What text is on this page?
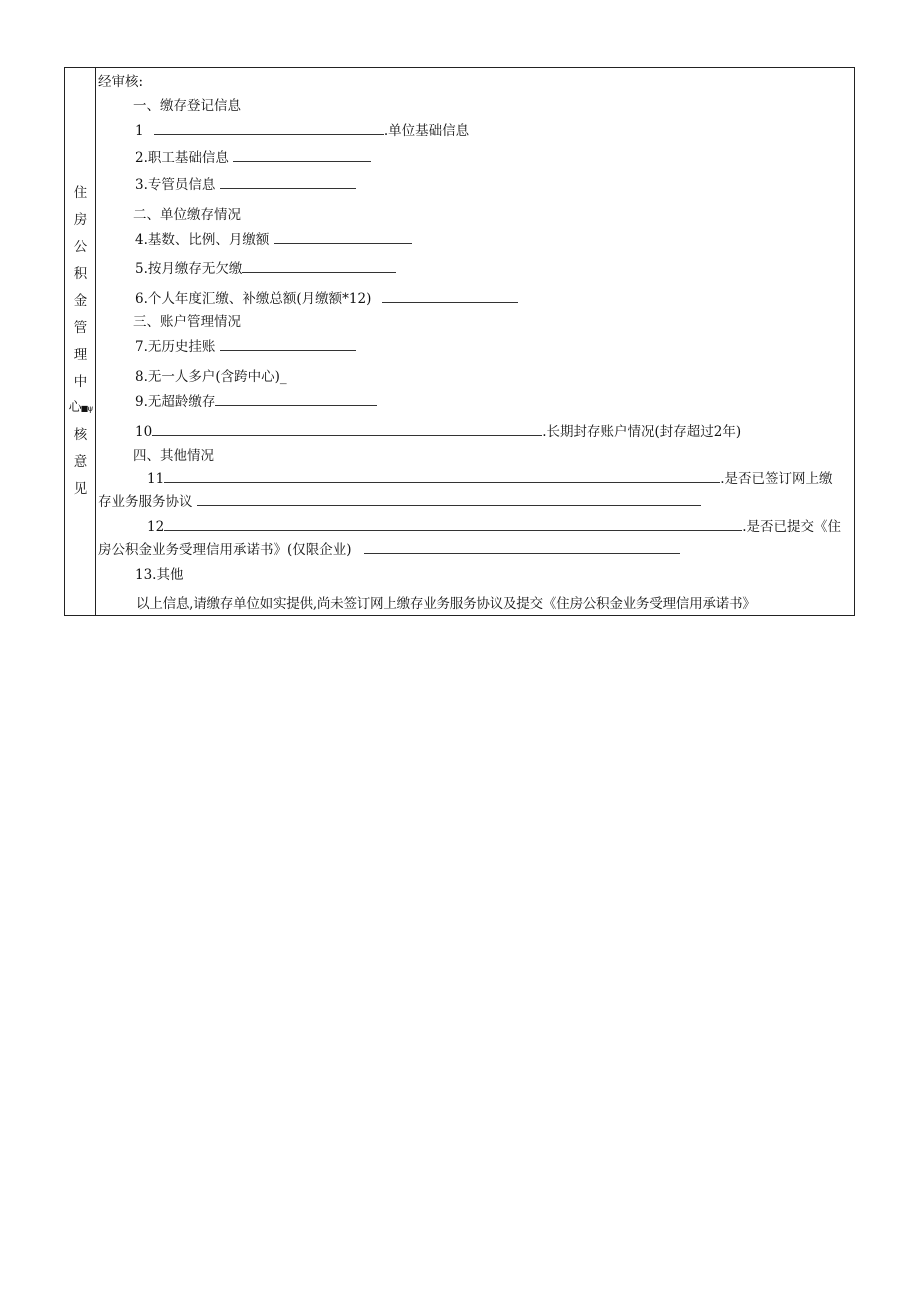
住
房
公
积
金
管
理
中
心■ψ
核
意
见
经审核:
一、缴存登记信息
1	.单位基础信息
2.职工基础信息
3.专管员信息
二、单位缴存情况
4.基数、比例、月缴额
5.按月缴存无欠缴
6.个人年度汇缴、补缴总额(月缴额*12)
三、账户管理情况
7.无历史挂账
8.无一人多户(含跨中心)_
9.无超龄缴存
10	.长期封存账户情况(封存超过2年)
四、其他情况
11	.是否已签订网上缴
存业务服务协议
12	.是否已提交《住
房公积金业务受理信用承诺书》(仅限企业)
13.其他
以上信息,请缴存单位如实提供,尚未签订网上缴存业务服务协议及提交《住房公积金业务受理信用承诺书》
